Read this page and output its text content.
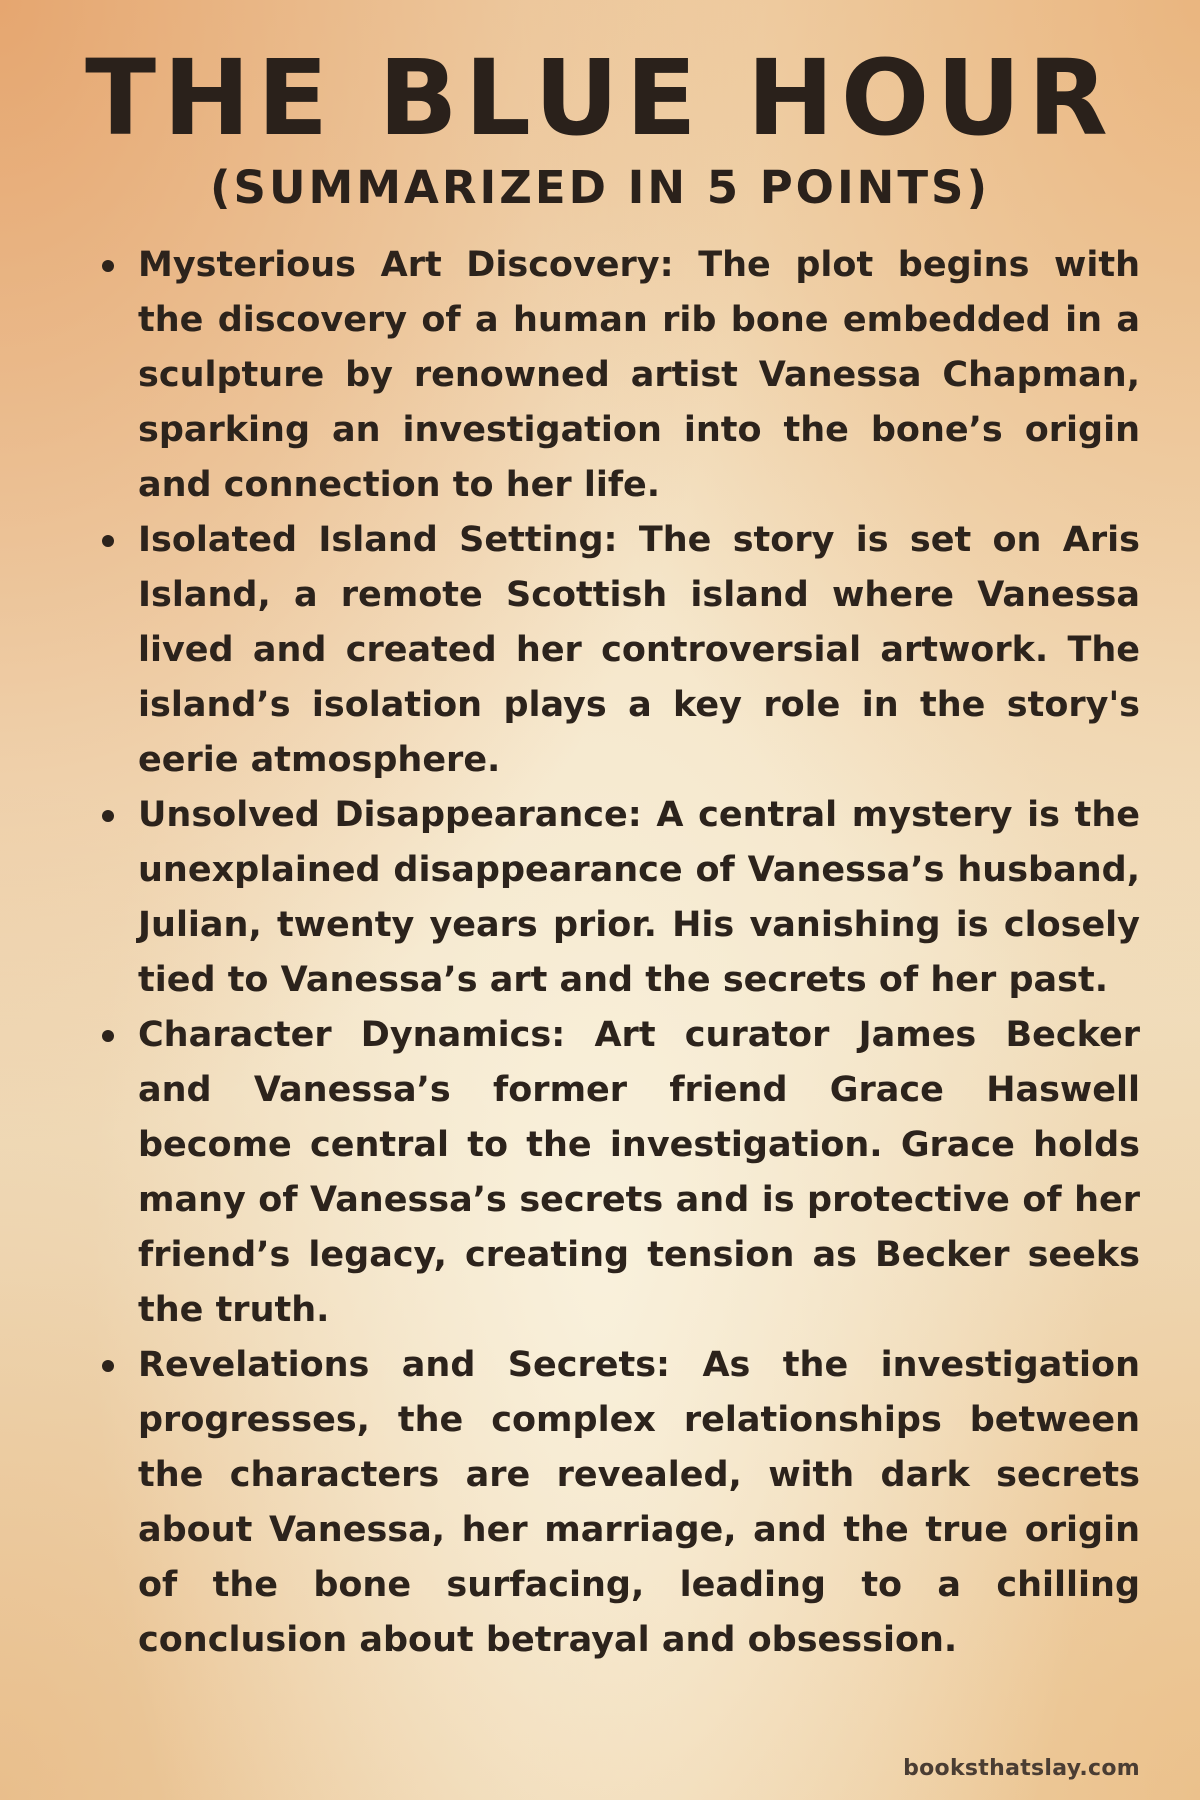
THE BLUE HOUR
(SUMMARIZED IN 5 POINTS)
Mysterious Art Discovery: The plot begins with the discovery of a human rib bone embedded in a sculpture by renowned artist Vanessa Chapman, sparking an investigation into the bone’s origin and connection to her life.
Isolated Island Setting: The story is set on Aris Island, a remote Scottish island where Vanessa lived and created her controversial artwork. The island’s isolation plays a key role in the story's eerie atmosphere.
Unsolved Disappearance: A central mystery is the unexplained disappearance of Vanessa’s husband, Julian, twenty years prior. His vanishing is closely tied to Vanessa’s art and the secrets of her past.
Character Dynamics: Art curator James Becker and Vanessa’s former friend Grace Haswell become central to the investigation. Grace holds many of Vanessa’s secrets and is protective of her friend’s legacy, creating tension as Becker seeks the truth.
Revelations and Secrets: As the investigation progresses, the complex relationships between the characters are revealed, with dark secrets about Vanessa, her marriage, and the true origin of the bone surfacing, leading to a chilling conclusion about betrayal and obsession.
booksthatslay.com
